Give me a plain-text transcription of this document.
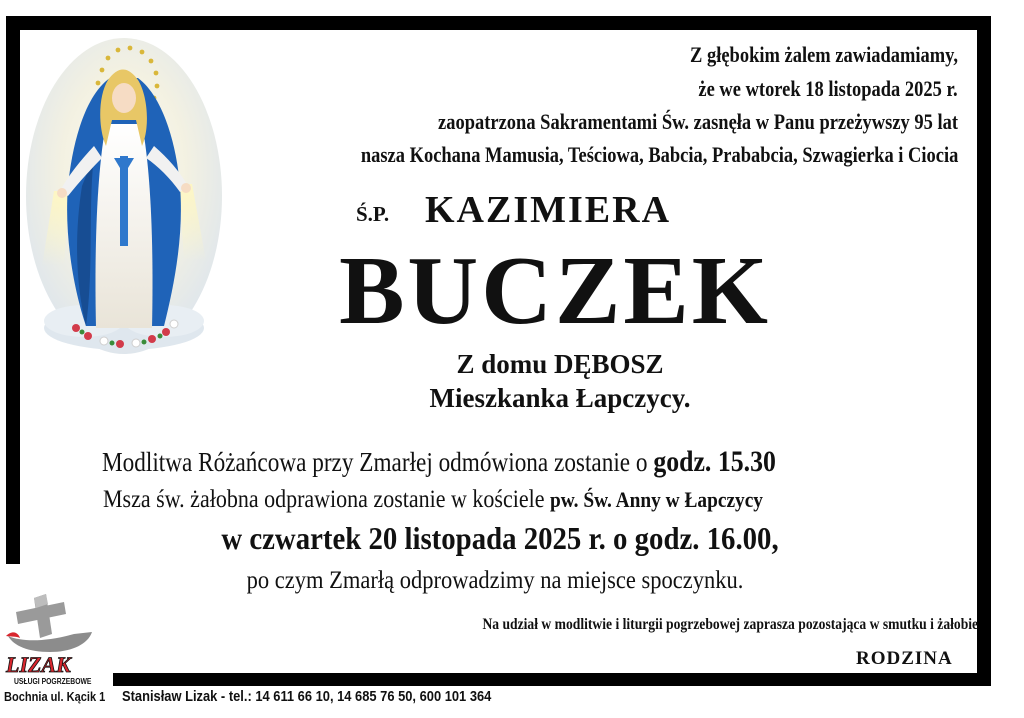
Z głębokim żalem zawiadamiamy,
że we wtorek 18 listopada 2025 r.
zaopatrzona Sakramentami Św. zasnęła w Panu przeżywszy 95 lat
nasza Kochana Mamusia, Teściowa, Babcia, Prababcia, Szwagierka i Ciocia
Ś.P. KAZIMIERA
BUCZEK
Z domu DĘBOSZ
Mieszkanka Łapczycy.
Modlitwa Różańcowa przy Zmarłej odmówiona zostanie o godz. 15.30
Msza św. żałobna odprawiona zostanie w kościele pw. Św. Anny w Łapczycy
w czwartek 20 listopada 2025 r. o godz. 16.00,
po czym Zmarłą odprowadzimy na miejsce spoczynku.
Na udział w modlitwie i liturgii pogrzebowej zaprasza pozostająca w smutku i żałobie
RODZINA
LIZAK
USŁUGI POGRZEBOWE
Bochnia ul. Kącik 1 Stanisław Lizak - tel.: 14 611 66 10, 14 685 76 50, 600 101 364
